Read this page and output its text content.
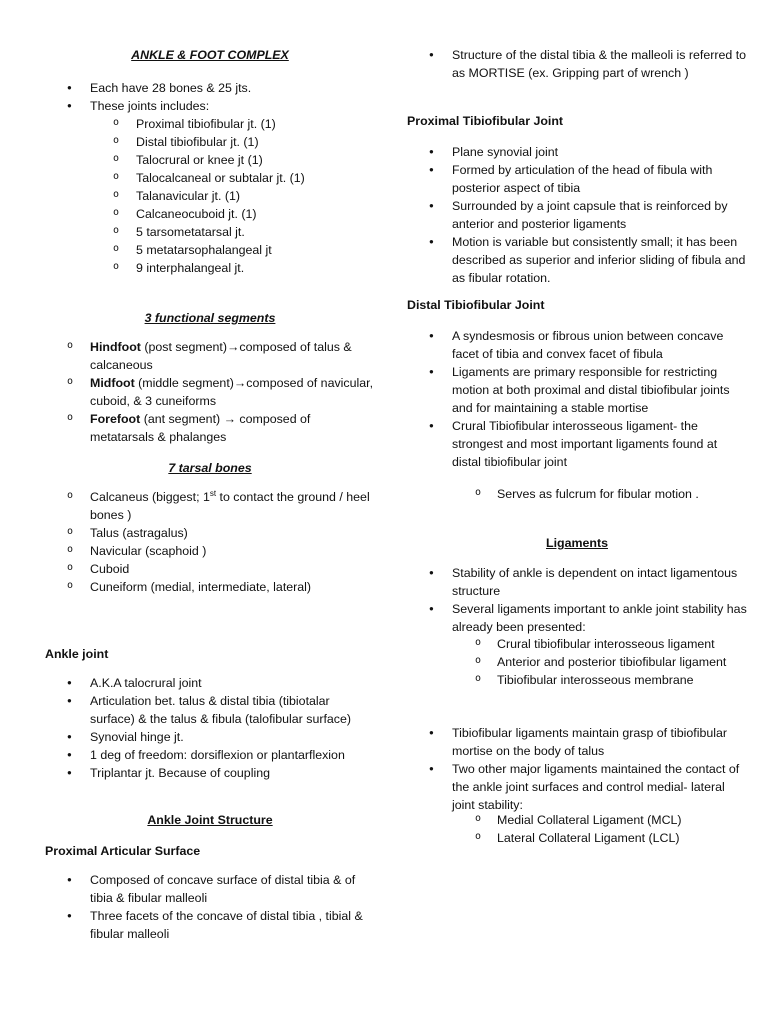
ANKLE & FOOT COMPLEX
● Each have 28 bones & 25 jts.
● These joints includes:
o Proximal tibiofibular jt. (1)
o Distal tibiofibular jt. (1)
o Talocrural or knee jt (1)
o Talocalcaneal or subtalar jt. (1)
o Talanavicular jt. (1)
o Calcaneocuboid jt. (1)
o 5 tarsometatarsal jt.
o 5 metatarsophalangeal jt
o 9 interphalangeal jt.
3 functional segments
o Hindfoot (post segment)→composed of talus & calcaneous
o Midfoot (middle segment)→composed of navicular, cuboid, & 3 cuneiforms
o Forefoot (ant segment) → composed of metatarsals & phalanges
7 tarsal bones
o Calcaneus (biggest; 1st to contact the ground / heel bones )
o Talus (astragalus)
o Navicular (scaphoid )
o Cuboid
o Cuneiform (medial, intermediate, lateral)
Ankle joint
● A.K.A talocrural joint
● Articulation bet. talus & distal tibia (tibiotalar surface) & the talus & fibula (talofibular surface)
● Synovial hinge jt.
● 1 deg of freedom: dorsiflexion or plantarflexion
● Triplantar jt. Because of coupling
Ankle Joint Structure
Proximal Articular Surface
● Composed of concave surface of distal tibia & of tibia & fibular malleoli
● Three facets of the concave of distal tibia , tibial & fibular malleoli
● Structure of the distal tibia & the malleoli is referred to as MORTISE (ex. Gripping part of wrench )
Proximal Tibiofibular Joint
● Plane synovial joint
● Formed by articulation of the head of fibula with posterior aspect of tibia
● Surrounded by a joint capsule that is reinforced by anterior and posterior ligaments
● Motion is variable but consistently small; it has been described as superior and inferior sliding of fibula and as fibular rotation.
Distal Tibiofibular Joint
● A syndesmosis or fibrous union between concave facet of tibia and convex facet of fibula
● Ligaments are primary responsible for restricting motion at both proximal and distal tibiofibular joints and for maintaining a stable mortise
● Crural Tibiofibular interosseous ligament- the strongest and most important ligaments found at distal tibiofibular joint
o Serves as fulcrum for fibular motion .
Ligaments
● Stability of ankle is dependent on intact ligamentous structure
● Several ligaments important to ankle joint stability has already been presented:
o Crural tibiofibular interosseous ligament
o Anterior and posterior tibiofibular ligament
o Tibiofibular interosseous membrane
● Tibiofibular ligaments maintain grasp of tibiofibular mortise on the body of talus
● Two other major ligaments maintained the contact of the ankle joint surfaces and control medial- lateral joint stability:
o Medial Collateral Ligament (MCL)
o Lateral Collateral Ligament (LCL)
